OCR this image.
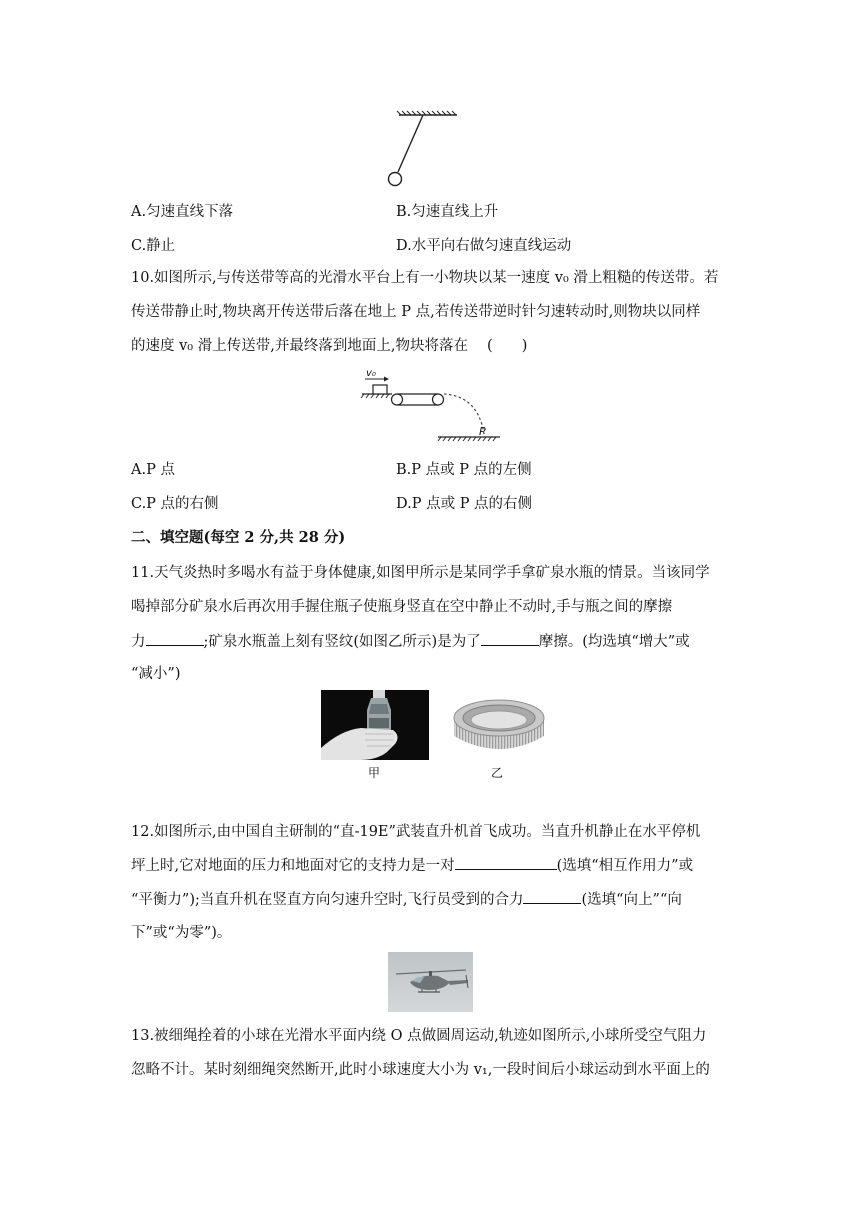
A.匀速直线下落	B.匀速直线上升
C.静止	D.水平向右做匀速直线运动
10.如图所示,与传送带等高的光滑水平台上有一小物块以某一速度 v₀ 滑上粗糙的传送带。若
传送带静止时,物块离开传送带后落在地上 P 点,若传送带逆时针匀速转动时,则物块以同样
的速度 v₀ 滑上传送带,并最终落到地面上,物块将落在　 (　　)
v₀
P
A.P 点	B.P 点或 P 点的左侧
C.P 点的右侧	D.P 点或 P 点的右侧
二、填空题(每空 2 分,共 28 分)
11.天气炎热时多喝水有益于身体健康,如图甲所示是某同学手拿矿泉水瓶的情景。当该同学
喝掉部分矿泉水后再次用手握住瓶子使瓶身竖直在空中静止不动时,手与瓶之间的摩擦
力	;矿泉水瓶盖上刻有竖纹(如图乙所示)是为了	摩擦。(均选填“增大”或
“减小”)
甲	乙
12.如图所示,由中国自主研制的“直-19E”武装直升机首飞成功。当直升机静止在水平停机
坪上时,它对地面的压力和地面对它的支持力是一对	(选填“相互作用力”或
“平衡力”);当直升机在竖直方向匀速升空时,飞行员受到的合力	(选填“向上”“向
下”或“为零”)。
13.被细绳拴着的小球在光滑水平面内绕 O 点做圆周运动,轨迹如图所示,小球所受空气阻力
忽略不计。某时刻细绳突然断开,此时小球速度大小为 v₁,一段时间后小球运动到水平面上的
